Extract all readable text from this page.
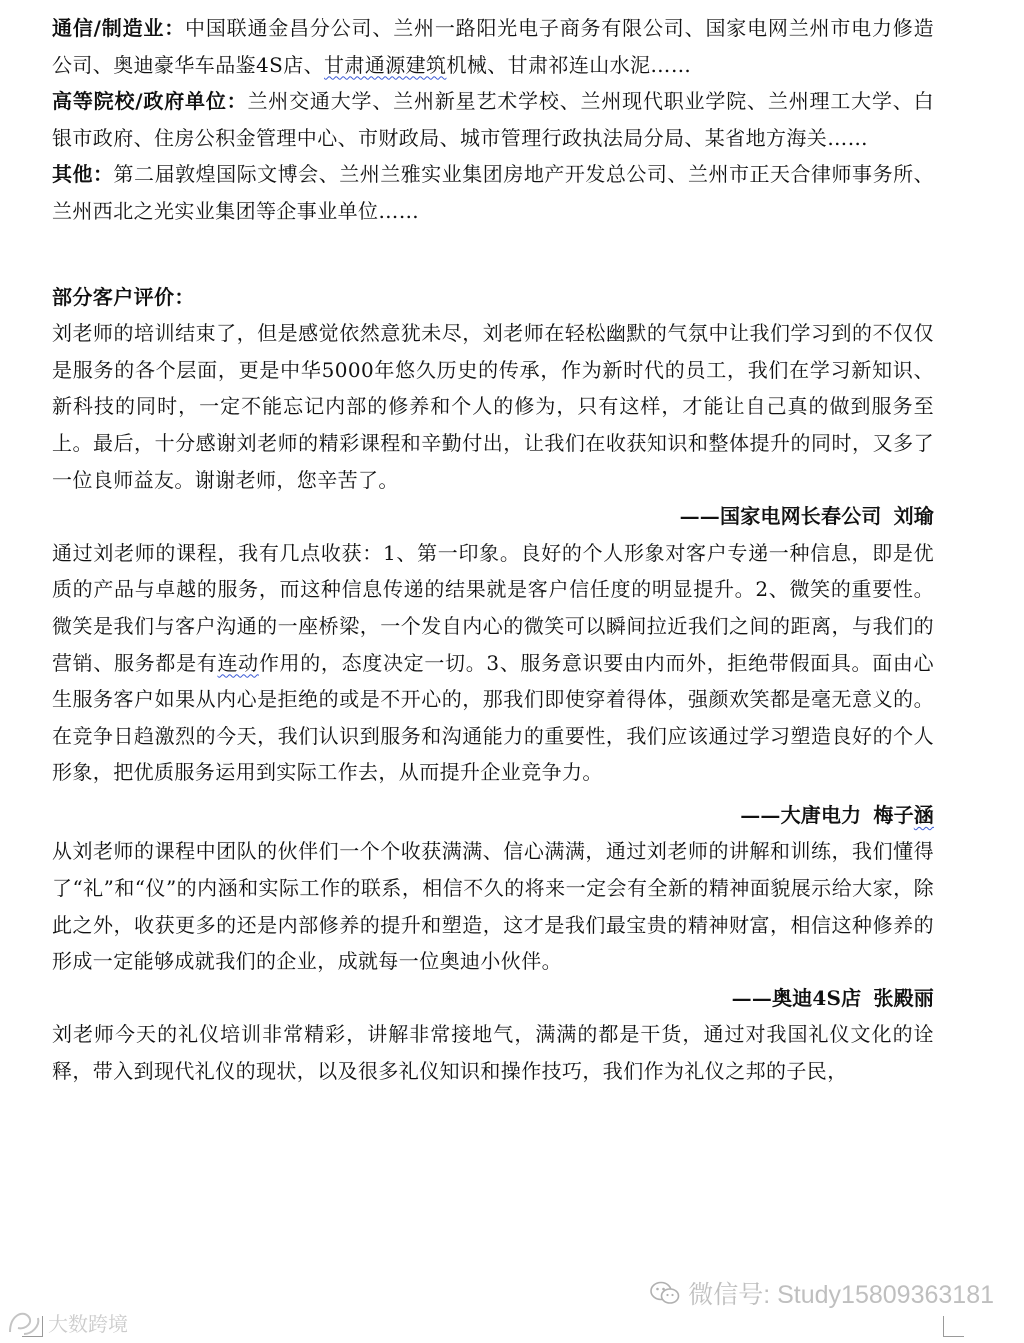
通信/制造业：中国联通金昌分公司、兰州一路阳光电子商务有限公司、国家电网兰州市电力修造公司、奥迪豪华车品鉴4S店、甘肃通源建筑机械、甘肃祁连山水泥……

高等院校/政府单位：兰州交通大学、兰州新星艺术学校、兰州现代职业学院、兰州理工大学、白银市政府、住房公积金管理中心、市财政局、城市管理行政执法局分局、某省地方海关……

其他：第二届敦煌国际文博会、兰州兰雅实业集团房地产开发总公司、兰州市正天合律师事务所、兰州西北之光实业集团等企事业单位……

部分客户评价：

刘老师的培训结束了，但是感觉依然意犹未尽，刘老师在轻松幽默的气氛中让我们学习到的不仅仅是服务的各个层面，更是中华5000年悠久历史的传承，作为新时代的员工，我们在学习新知识、新科技的同时，一定不能忘记内部的修养和个人的修为，只有这样，才能让自己真的做到服务至上。最后，十分感谢刘老师的精彩课程和辛勤付出，让我们在收获知识和整体提升的同时，又多了一位良师益友。谢谢老师，您辛苦了。

——国家电网长春公司 刘瑜

通过刘老师的课程，我有几点收获：1、第一印象。良好的个人形象对客户专递一种信息，即是优质的产品与卓越的服务，而这种信息传递的结果就是客户信任度的明显提升。2、微笑的重要性。微笑是我们与客户沟通的一座桥梁，一个发自内心的微笑可以瞬间拉近我们之间的距离，与我们的营销、服务都是有连动作用的，态度决定一切。3、服务意识要由内而外，拒绝带假面具。面由心生服务客户如果从内心是拒绝的或是不开心的，那我们即使穿着得体，强颜欢笑都是毫无意义的。在竞争日趋激烈的今天，我们认识到服务和沟通能力的重要性，我们应该通过学习塑造良好的个人形象，把优质服务运用到实际工作去，从而提升企业竞争力。

——大唐电力 梅子涵

从刘老师的课程中团队的伙伴们一个个收获满满、信心满满，通过刘老师的讲解和训练，我们懂得了“礼”和“仪”的内涵和实际工作的联系，相信不久的将来一定会有全新的精神面貌展示给大家，除此之外，收获更多的还是内部修养的提升和塑造，这才是我们最宝贵的精神财富，相信这种修养的形成一定能够成就我们的企业，成就每一位奥迪小伙伴。

——奥迪4S店 张殿丽

刘老师今天的礼仪培训非常精彩，讲解非常接地气，满满的都是干货，通过对我国礼仪文化的诠释，带入到现代礼仪的现状，以及很多礼仪知识和操作技巧，我们作为礼仪之邦的子民，

微信号: Study15809363181
大数跨境
